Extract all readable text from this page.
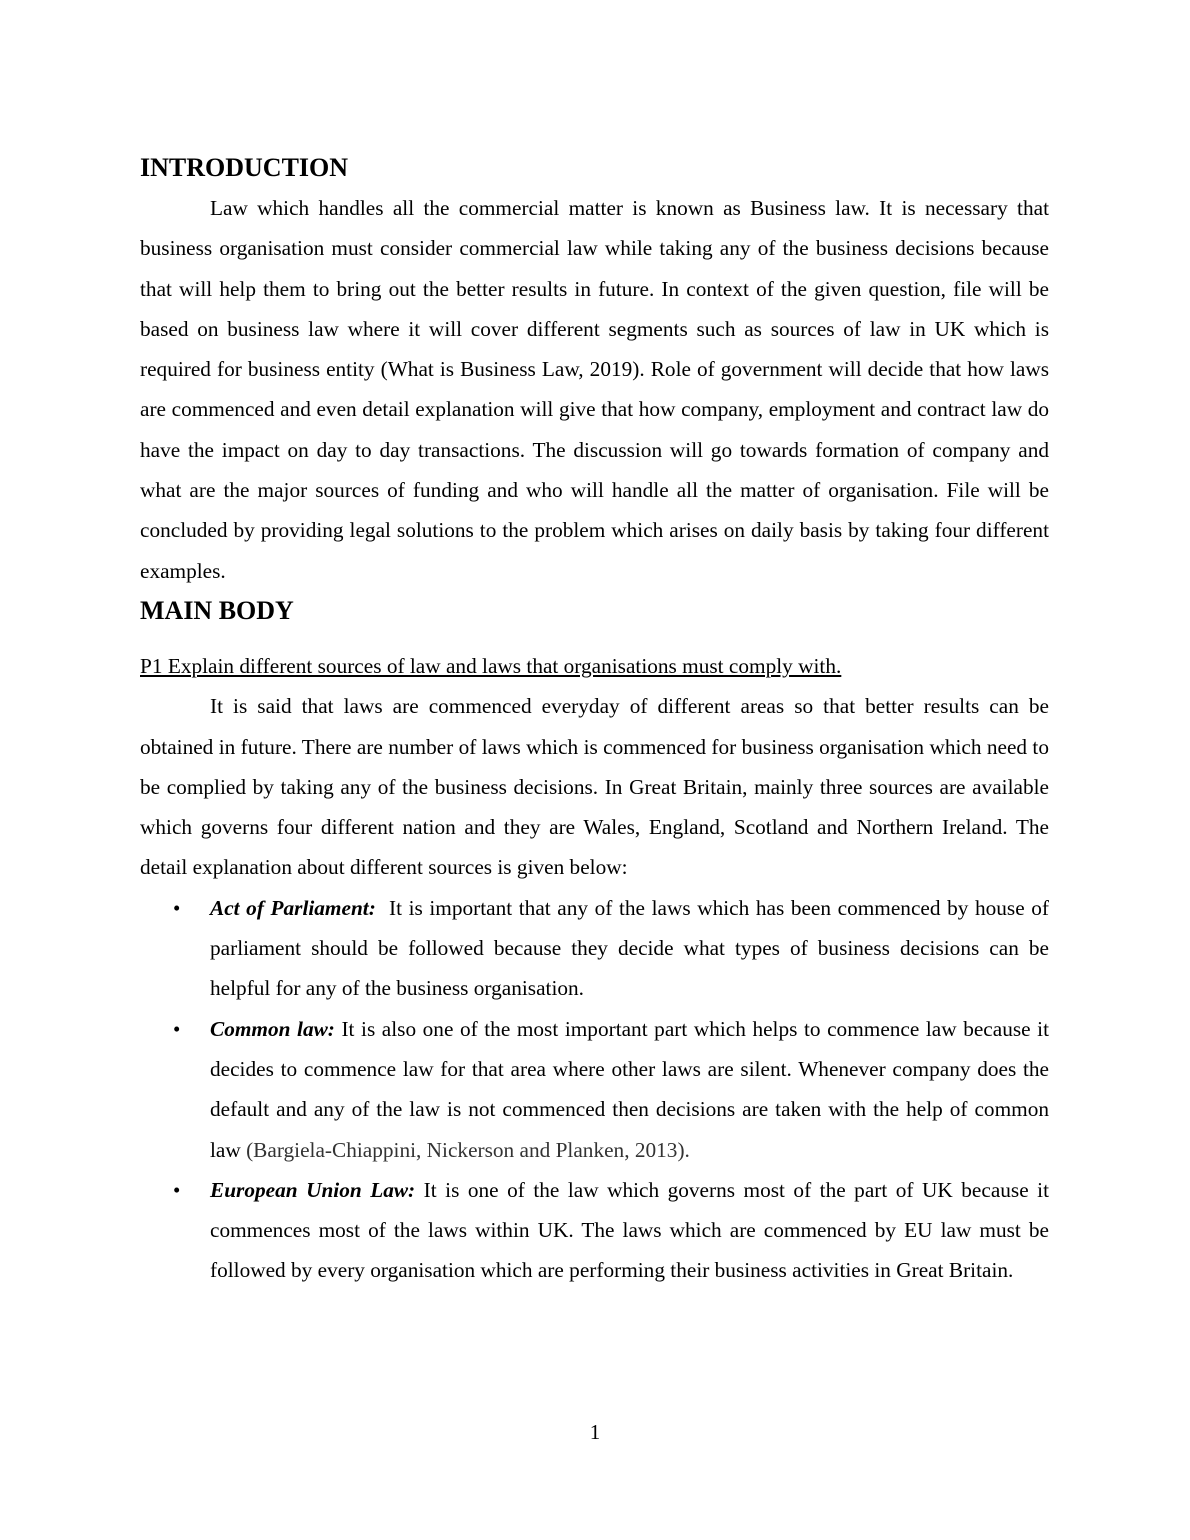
INTRODUCTION

Law which handles all the commercial matter is known as Business law. It is necessary that business organisation must consider commercial law while taking any of the business decisions because that will help them to bring out the better results in future. In context of the given question, file will be based on business law where it will cover different segments such as sources of law in UK which is required for business entity (What is Business Law, 2019). Role of government will decide that how laws are commenced and even detail explanation will give that how company, employment and contract law do have the impact on day to day transactions. The discussion will go towards formation of company and what are the major sources of funding and who will handle all the matter of organisation. File will be concluded by providing legal solutions to the problem which arises on daily basis by taking four different examples.

MAIN BODY
P1 Explain different sources of law and laws that organisations must comply with.

It is said that laws are commenced everyday of different areas so that better results can be obtained in future. There are number of laws which is commenced for business organisation which need to be complied by taking any of the business decisions. In Great Britain, mainly three sources are available which governs four different nation and they are Wales, England, Scotland and Northern Ireland. The detail explanation about different sources is given below:

•	Act of Parliament:  It is important that any of the laws which has been commenced by house of parliament should be followed because they decide what types of business decisions can be helpful for any of the business organisation.
•	Common law: It is also one of the most important part which helps to commence law because it decides to commence law for that area where other laws are silent. Whenever company does the default and any of the law is not commenced then decisions are taken with the help of common law (Bargiela-Chiappini, Nickerson and Planken, 2013).
•	European Union Law: It is one of the law which governs most of the part of UK because it commences most of the laws within UK. The laws which are commenced by EU law must be followed by every organisation which are performing their business activities in Great Britain.
1
